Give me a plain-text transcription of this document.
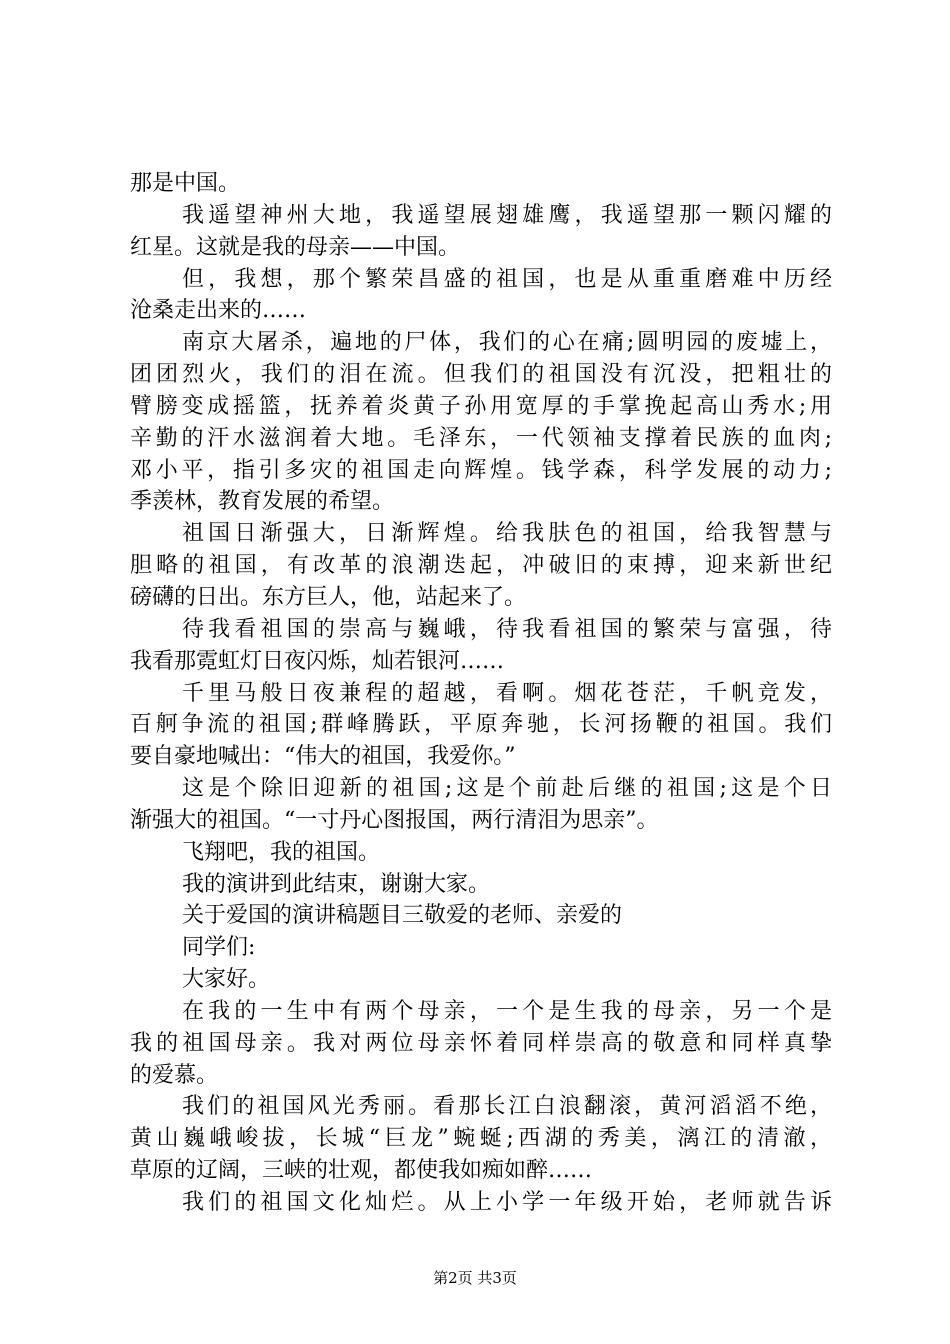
那是中国。
我遥望神州大地，我遥望展翅雄鹰，我遥望那一颗闪耀的
红星。这就是我的母亲——中国。
但，我想，那个繁荣昌盛的祖国，也是从重重磨难中历经
沧桑走出来的……
南京大屠杀，遍地的尸体，我们的心在痛;圆明园的废墟上，
团团烈火，我们的泪在流。但我们的祖国没有沉没，把粗壮的
臂膀变成摇篮，抚养着炎黄子孙用宽厚的手掌挽起高山秀水;用
辛勤的汗水滋润着大地。毛泽东，一代领袖支撑着民族的血肉;
邓小平，指引多灾的祖国走向辉煌。钱学森，科学发展的动力;
季羡林，教育发展的希望。
祖国日渐强大，日渐辉煌。给我肤色的祖国，给我智慧与
胆略的祖国，有改革的浪潮迭起，冲破旧的束搏，迎来新世纪
磅礴的日出。东方巨人，他，站起来了。
待我看祖国的崇高与巍峨，待我看祖国的繁荣与富强，待
我看那霓虹灯日夜闪烁，灿若银河……
千里马般日夜兼程的超越，看啊。烟花苍茫，千帆竞发，
百舸争流的祖国;群峰腾跃，平原奔驰，长河扬鞭的祖国。我们
要自豪地喊出：“伟大的祖国，我爱你。”
这是个除旧迎新的祖国;这是个前赴后继的祖国;这是个日
渐强大的祖国。“一寸丹心图报国，两行清泪为思亲”。
飞翔吧，我的祖国。
我的演讲到此结束，谢谢大家。
关于爱国的演讲稿题目三敬爱的老师、亲爱的
同学们:
大家好。
在我的一生中有两个母亲，一个是生我的母亲，另一个是
我的祖国母亲。我对两位母亲怀着同样崇高的敬意和同样真挚
的爱慕。
我们的祖国风光秀丽。看那长江白浪翻滚，黄河滔滔不绝，
黄山巍峨峻拔，长城“巨龙”蜿蜒;西湖的秀美，漓江的清澈，
草原的辽阔，三峡的壮观，都使我如痴如醉……
我们的祖国文化灿烂。从上小学一年级开始，老师就告诉
第2页 共3页
